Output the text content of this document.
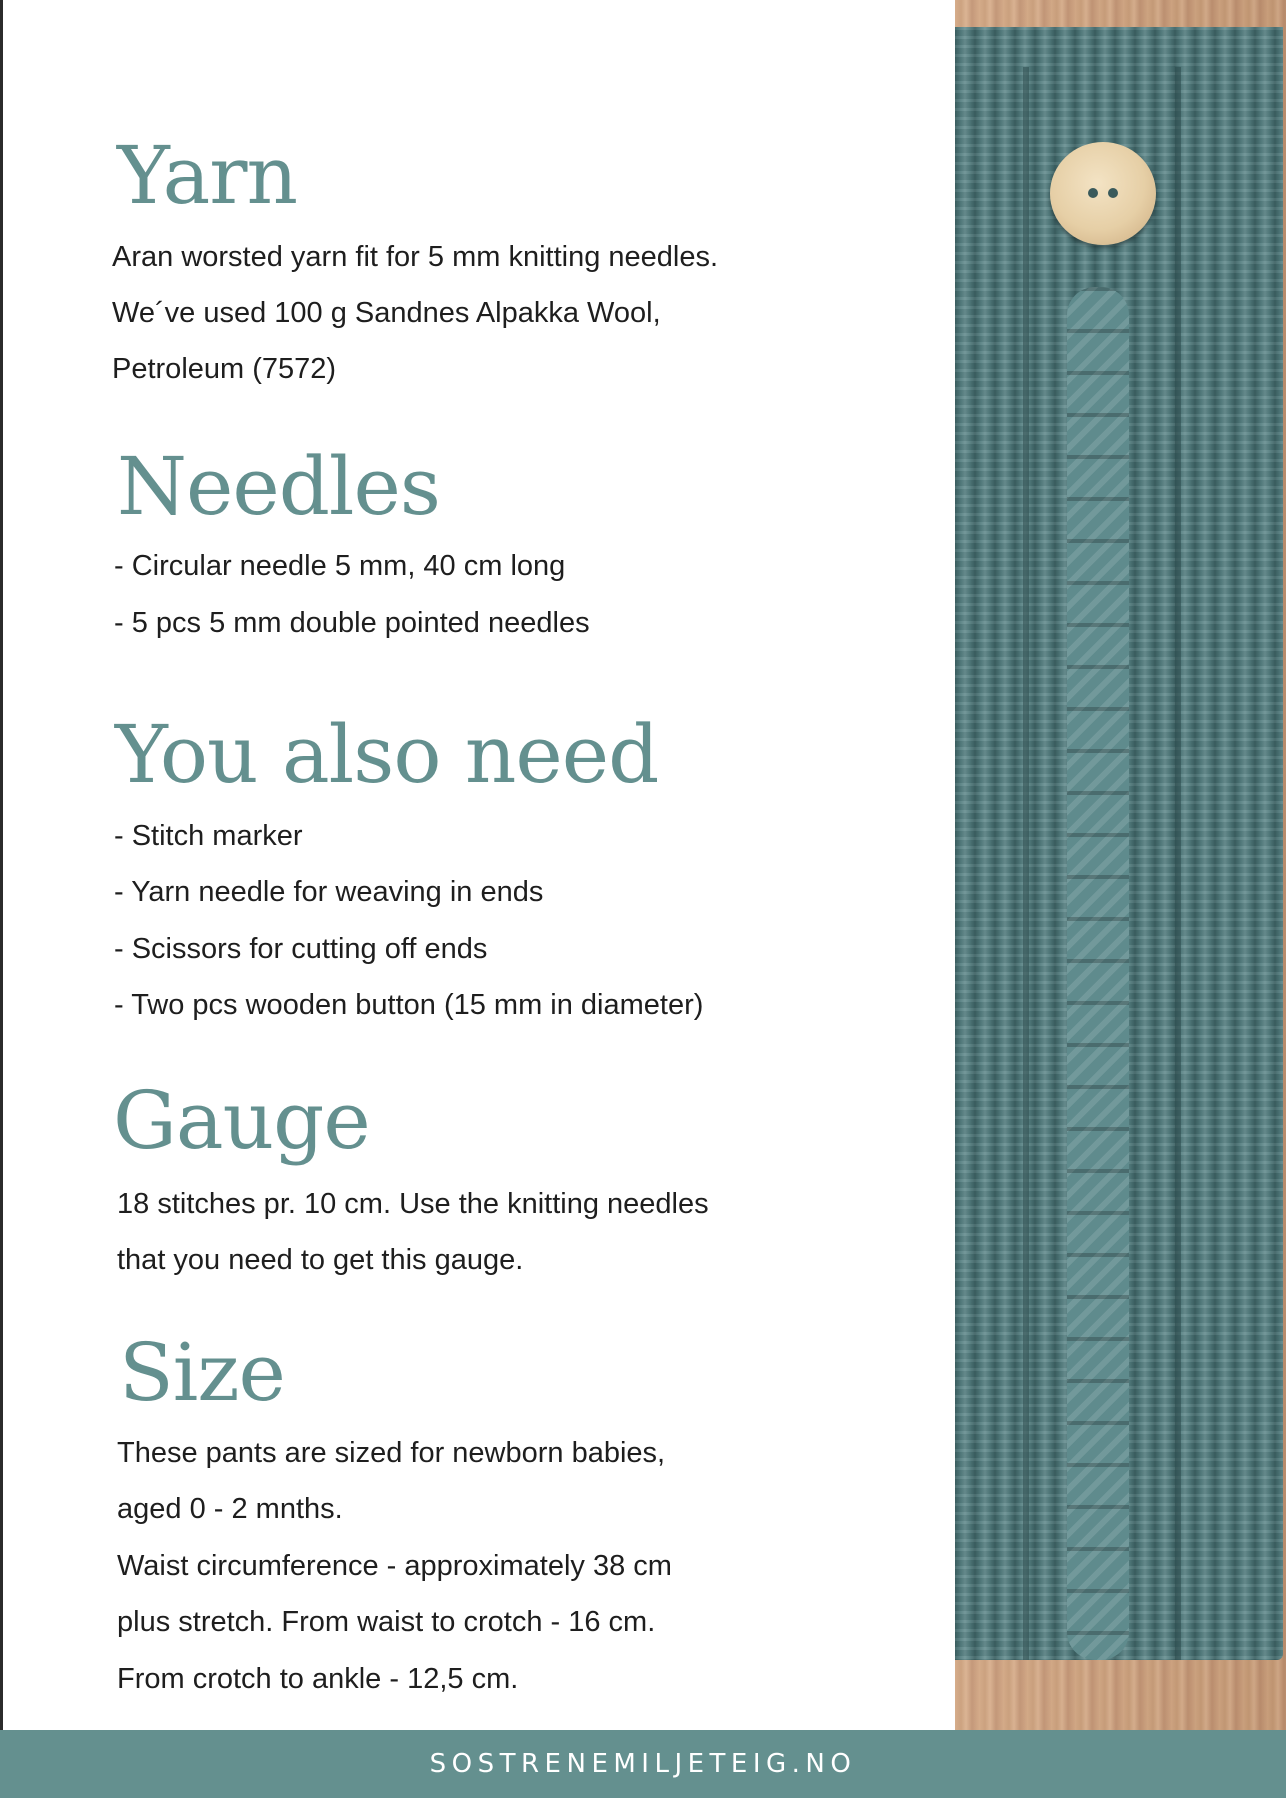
Yarn

Aran worsted yarn fit for 5 mm knitting needles.

We´ve used 100 g Sandnes Alpakka Wool,

Petroleum (7572)

Needles

- Circular needle 5 mm, 40 cm long

- 5 pcs 5 mm double pointed needles

You also need

- Stitch marker

- Yarn needle for weaving in ends

- Scissors for cutting off ends

- Two pcs wooden button (15 mm in diameter)

Gauge

18 stitches pr. 10 cm. Use the knitting needles

that you need to get this gauge.

Size

These pants are sized for newborn babies,

aged 0 - 2 mnths.

Waist circumference - approximately 38 cm

plus stretch. From waist to crotch - 16 cm.

From crotch to ankle - 12,5 cm.

SOSTRENEMILJETEIG.NO
